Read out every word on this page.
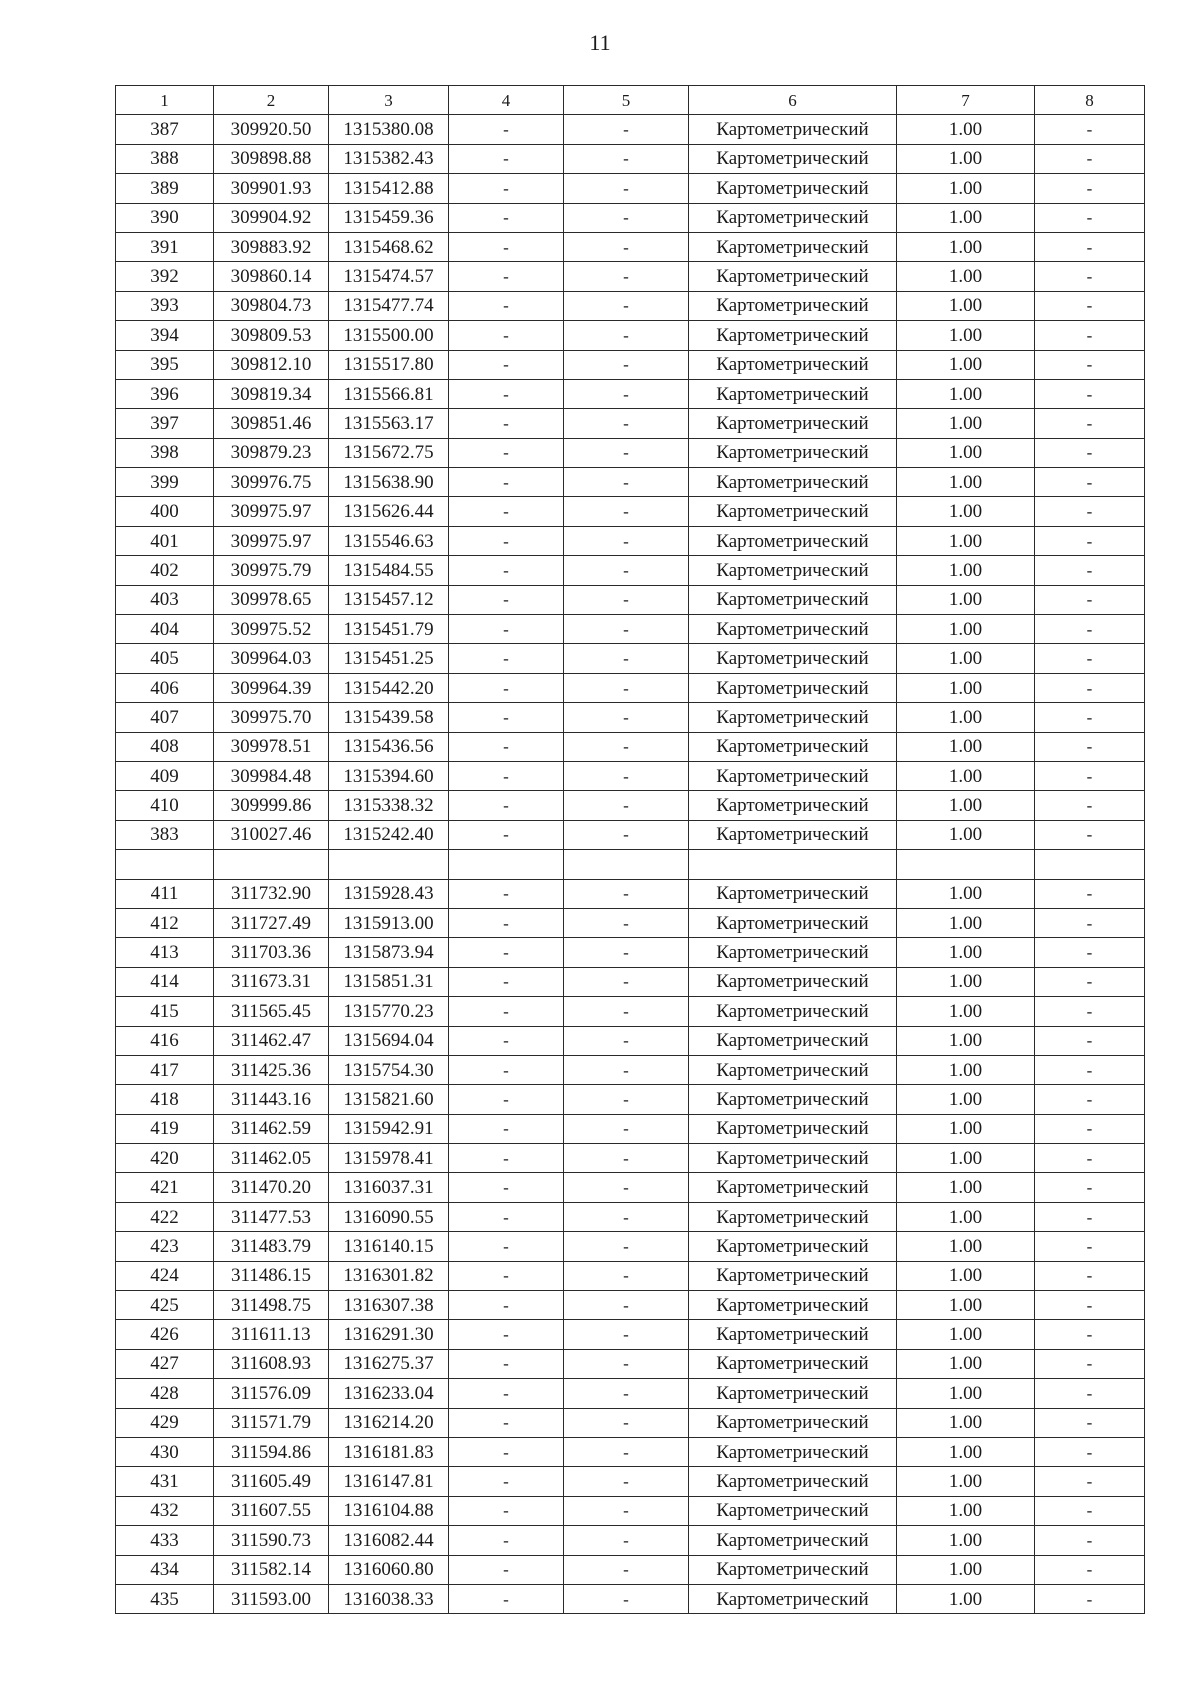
11
1	2	3	4	5	6	7	8
387	309920.50	1315380.08	-	-	Картометрический	1.00	-
388	309898.88	1315382.43	-	-	Картометрический	1.00	-
389	309901.93	1315412.88	-	-	Картометрический	1.00	-
390	309904.92	1315459.36	-	-	Картометрический	1.00	-
391	309883.92	1315468.62	-	-	Картометрический	1.00	-
392	309860.14	1315474.57	-	-	Картометрический	1.00	-
393	309804.73	1315477.74	-	-	Картометрический	1.00	-
394	309809.53	1315500.00	-	-	Картометрический	1.00	-
395	309812.10	1315517.80	-	-	Картометрический	1.00	-
396	309819.34	1315566.81	-	-	Картометрический	1.00	-
397	309851.46	1315563.17	-	-	Картометрический	1.00	-
398	309879.23	1315672.75	-	-	Картометрический	1.00	-
399	309976.75	1315638.90	-	-	Картометрический	1.00	-
400	309975.97	1315626.44	-	-	Картометрический	1.00	-
401	309975.97	1315546.63	-	-	Картометрический	1.00	-
402	309975.79	1315484.55	-	-	Картометрический	1.00	-
403	309978.65	1315457.12	-	-	Картометрический	1.00	-
404	309975.52	1315451.79	-	-	Картометрический	1.00	-
405	309964.03	1315451.25	-	-	Картометрический	1.00	-
406	309964.39	1315442.20	-	-	Картометрический	1.00	-
407	309975.70	1315439.58	-	-	Картометрический	1.00	-
408	309978.51	1315436.56	-	-	Картометрический	1.00	-
409	309984.48	1315394.60	-	-	Картометрический	1.00	-
410	309999.86	1315338.32	-	-	Картометрический	1.00	-
383	310027.46	1315242.40	-	-	Картометрический	1.00	-

411	311732.90	1315928.43	-	-	Картометрический	1.00	-
412	311727.49	1315913.00	-	-	Картометрический	1.00	-
413	311703.36	1315873.94	-	-	Картометрический	1.00	-
414	311673.31	1315851.31	-	-	Картометрический	1.00	-
415	311565.45	1315770.23	-	-	Картометрический	1.00	-
416	311462.47	1315694.04	-	-	Картометрический	1.00	-
417	311425.36	1315754.30	-	-	Картометрический	1.00	-
418	311443.16	1315821.60	-	-	Картометрический	1.00	-
419	311462.59	1315942.91	-	-	Картометрический	1.00	-
420	311462.05	1315978.41	-	-	Картометрический	1.00	-
421	311470.20	1316037.31	-	-	Картометрический	1.00	-
422	311477.53	1316090.55	-	-	Картометрический	1.00	-
423	311483.79	1316140.15	-	-	Картометрический	1.00	-
424	311486.15	1316301.82	-	-	Картометрический	1.00	-
425	311498.75	1316307.38	-	-	Картометрический	1.00	-
426	311611.13	1316291.30	-	-	Картометрический	1.00	-
427	311608.93	1316275.37	-	-	Картометрический	1.00	-
428	311576.09	1316233.04	-	-	Картометрический	1.00	-
429	311571.79	1316214.20	-	-	Картометрический	1.00	-
430	311594.86	1316181.83	-	-	Картометрический	1.00	-
431	311605.49	1316147.81	-	-	Картометрический	1.00	-
432	311607.55	1316104.88	-	-	Картометрический	1.00	-
433	311590.73	1316082.44	-	-	Картометрический	1.00	-
434	311582.14	1316060.80	-	-	Картометрический	1.00	-
435	311593.00	1316038.33	-	-	Картометрический	1.00	-
